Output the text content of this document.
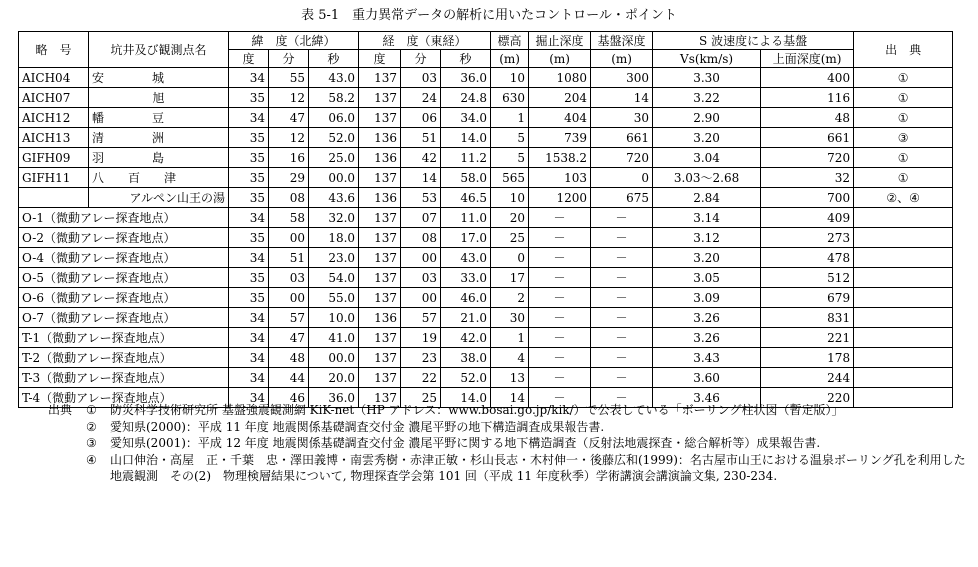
表 5-1　重力異常データの解析に用いたコントロール・ポイント
略　号	坑井及び観測点名	緯　度（北緯）			経　度（東経）			標高	掘止深度	基盤深度	S 波速度による基盤		出　典
		度	分	秒	度	分	秒	(m)	(m)	(m)	Vs(km/s)	上面深度(m)	
AICH04	安　　　　城	34	55	43.0	137	03	36.0	10	1080	300	3.30	400	①
AICH07	旭	35	12	58.2	137	24	24.8	630	204	14	3.22	116	①
AICH12	幡　　　　豆	34	47	06.0	137	06	34.0	1	404	30	2.90	48	①
AICH13	清　　　　洲	35	12	52.0	136	51	14.0	5	739	661	3.20	661	③
GIFH09	羽　　　　島	35	16	25.0	136	42	11.2	5	1538.2	720	3.04	720	①
GIFH11	八　　百　　津	35	29	00.0	137	14	58.0	565	103	0	3.03～2.68	32	①
	アルペン山王の湯	35	08	43.6	136	53	46.5	10	1200	675	2.84	700	②、④
O-1（微動アレー探査地点）		34	58	32.0	137	07	11.0	20	－	－	3.14	409	
O-2（微動アレー探査地点）		35	00	18.0	137	08	17.0	25	－	－	3.12	273	
O-4（微動アレー探査地点）		34	51	23.0	137	00	43.0	0	－	－	3.20	478	
O-5（微動アレー探査地点）		35	03	54.0	137	03	33.0	17	－	－	3.05	512	
O-6（微動アレー探査地点）		35	00	55.0	137	00	46.0	2	－	－	3.09	679	
O-7（微動アレー探査地点）		34	57	10.0	136	57	21.0	30	－	－	3.26	831	
T-1（微動アレー探査地点）		34	47	41.0	137	19	42.0	1	－	－	3.26	221	
T-2（微動アレー探査地点）		34	48	00.0	137	23	38.0	4	－	－	3.43	178	
T-3（微動アレー探査地点）		34	44	20.0	137	22	52.0	13	－	－	3.60	244	
T-4（微動アレー探査地点）		34	46	36.0	137	25	14.0	14	－	－	3.46	220	
出典	①	防災科学技術研究所 基盤強震観測網 KiK-net（HP アドレス：www.bosai.go.jp/kik/）で公表している「ボーリング柱状図（暫定版）」
②	愛知県(2000)：平成 11 年度 地震関係基礎調査交付金 濃尾平野の地下構造調査成果報告書.
③	愛知県(2001)：平成 12 年度 地震関係基礎調査交付金 濃尾平野に関する地下構造調査（反射法地震探査・総合解析等）成果報告書.
④	山口伸治・高屋　正・千葉　忠・澤田義博・南雲秀樹・赤津正敏・杉山長志・木村伸一・後藤広和(1999)：名古屋市山王における温泉ボーリング孔を利用した地震観測　その(2)　物理検層結果について, 物理探査学会第 101 回（平成 11 年度秋季）学術講演会講演論文集, 230-234.
